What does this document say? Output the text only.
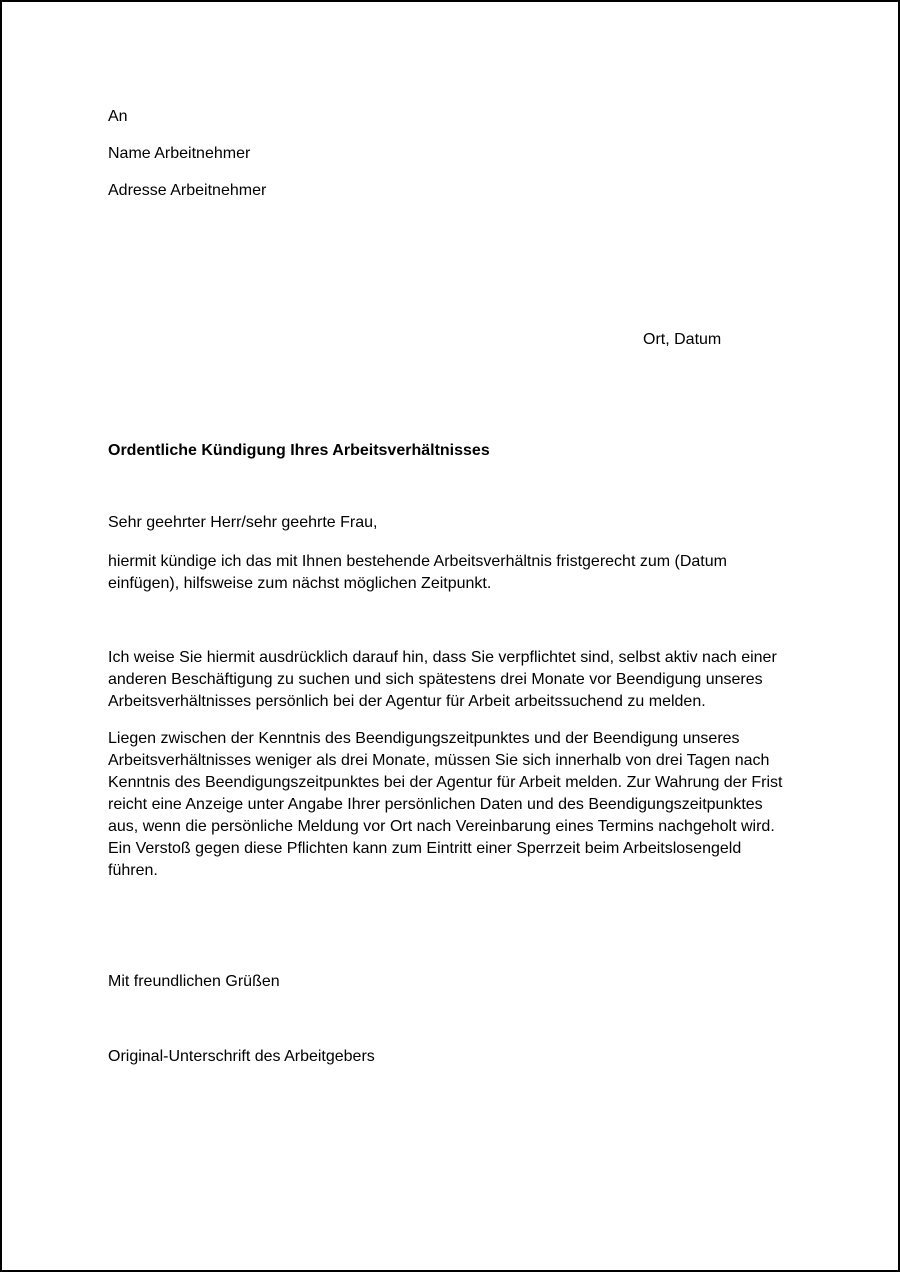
An

Name Arbeitnehmer

Adresse Arbeitnehmer

Ort, Datum

Ordentliche Kündigung Ihres Arbeitsverhältnisses

Sehr geehrter Herr/sehr geehrte Frau,

hiermit kündige ich das mit Ihnen bestehende Arbeitsverhältnis fristgerecht zum (Datum einfügen), hilfsweise zum nächst möglichen Zeitpunkt.

Ich weise Sie hiermit ausdrücklich darauf hin, dass Sie verpflichtet sind, selbst aktiv nach einer anderen Beschäftigung zu suchen und sich spätestens drei Monate vor Beendigung unseres Arbeitsverhältnisses persönlich bei der Agentur für Arbeit arbeitssuchend zu melden.

Liegen zwischen der Kenntnis des Beendigungszeitpunktes und der Beendigung unseres Arbeitsverhältnisses weniger als drei Monate, müssen Sie sich innerhalb von drei Tagen nach Kenntnis des Beendigungszeitpunktes bei der Agentur für Arbeit melden. Zur Wahrung der Frist reicht eine Anzeige unter Angabe Ihrer persönlichen Daten und des Beendigungszeitpunktes aus, wenn die persönliche Meldung vor Ort nach Vereinbarung eines Termins nachgeholt wird. Ein Verstoß gegen diese Pflichten kann zum Eintritt einer Sperrzeit beim Arbeitslosengeld führen.

Mit freundlichen Grüßen

Original-Unterschrift des Arbeitgebers
